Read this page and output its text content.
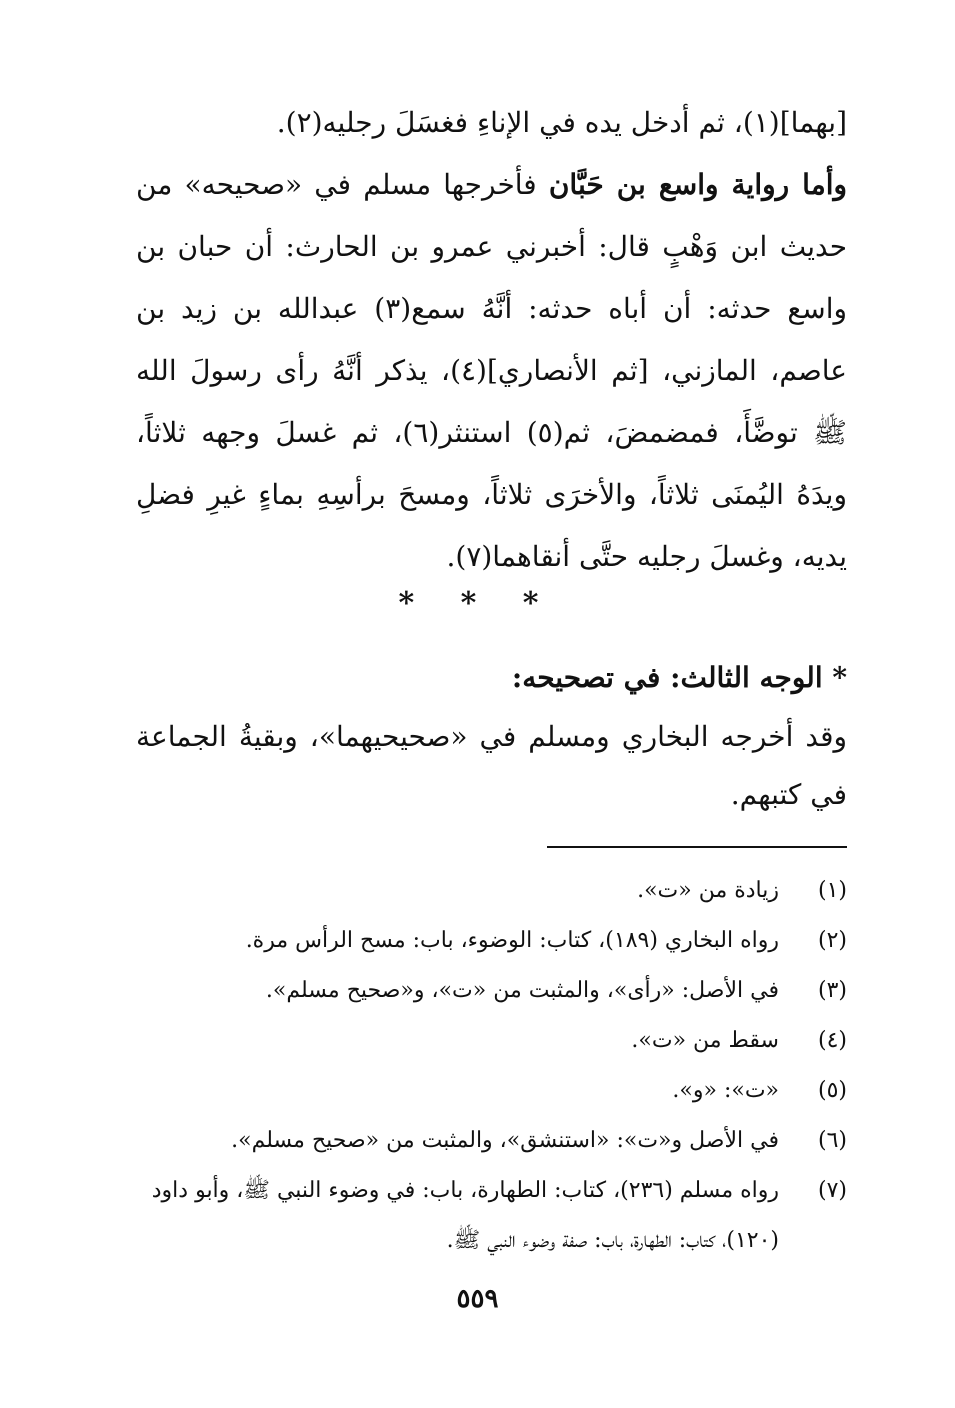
[بهما](١)، ثم أدخل يده في الإناءِ فغسَلَ رجليه(٢).

وأما رواية واسع بن حَبَّان فأخرجها مسلم في «صحيحه» من حديث ابن وَهْبٍ قال: أخبرني عمرو بن الحارث: أن حبان بن واسع حدثه: أن أباه حدثه: أنَّهُ سمع(٣) عبدالله بن زيد بن عاصم، المازني، [ثم الأنصاري](٤)، يذكر أنَّهُ رأى رسولَ الله ﷺ توضَّأَ، فمضمضَ، ثم(٥) استنثر(٦)، ثم غسلَ وجهه ثلاثاً، ويدَهُ اليُمنَى ثلاثاً، والأخرَى ثلاثاً، ومسحَ برأسِهِ بماءٍ غيرِ فضلِ يديه، وغسلَ رجليه حتَّى أنقاهما(٧).

* * *

* الوجه الثالث: في تصحيحه:

وقد أخرجه البخاري ومسلم في «صحيحيهما»، وبقيةُ الجماعة في كتبهم.

(١)
زيادة من «ت».
(٢)
رواه البخاري (١٨٩)، كتاب: الوضوء، باب: مسح الرأس مرة.
(٣)
في الأصل: «رأى»، والمثبت من «ت»، و«صحيح مسلم».
(٤)
سقط من «ت».
(٥)
«ت»: «و».
(٦)
في الأصل و«ت»: «استنشق»، والمثبت من «صحيح مسلم».
(٧)
رواه مسلم (٢٣٦)، كتاب: الطهارة، باب: في وضوء النبي ﷺ، وأبو داود (١٢٠)، كتاب: الطهارة، باب: صفة وضوء النبي ﷺ.
٥٥٩
